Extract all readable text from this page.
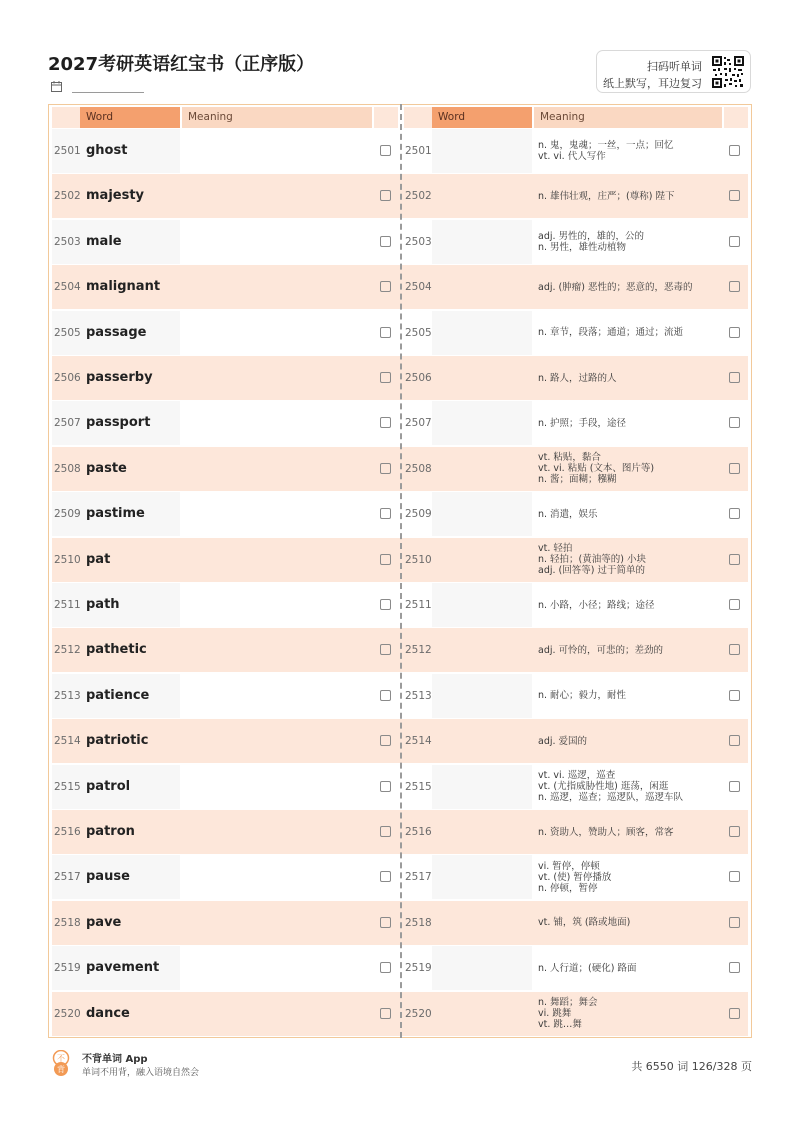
2027考研英语红宝书（正序版）	扫码听单词
纸上默写，耳边复习
Word	Meaning	Word	Meaning
2501 ghost	2501	n. 鬼，鬼魂；一丝，一点；回忆
vt. vi. 代人写作
2502 majesty	2502	n. 雄伟壮观，庄严；(尊称) 陛下
2503 male	2503	adj. 男性的，雄的，公的
n. 男性，雄性动植物
2504 malignant	2504	adj. (肿瘤) 恶性的；恶意的，恶毒的
2505 passage	2505	n. 章节，段落；通道；通过；流逝
2506 passerby	2506	n. 路人，过路的人
2507 passport	2507	n. 护照；手段，途径
2508 paste	2508
vt. 粘贴，黏合
vt. vi. 粘贴 (文本、图片等)
n. 酱；面糊；糨糊
2509 pastime	2509	n. 消遣，娱乐
2510 pat	2510
vt. 轻拍
n. 轻拍；(黄油等的) 小块
adj. (回答等) 过于简单的
2511 path	2511	n. 小路，小径；路线；途径
2512 pathetic	2512	adj. 可怜的，可悲的；差劲的
2513 patience	2513	n. 耐心；毅力，耐性
2514 patriotic	2514	adj. 爱国的
2515 patrol	2515
vt. vi. 巡逻，巡查
vt. (尤指威胁性地) 逛荡，闲逛
n. 巡逻，巡查；巡逻队，巡逻车队
2516 patron	2516	n. 资助人，赞助人；顾客，常客
2517 pause	2517
vi. 暂停，停顿
vt. (使) 暂停播放
n. 停顿，暂停
2518 pave	2518	vt. 铺，筑 (路或地面)
2519 pavement	2519	n. 人行道；(硬化) 路面
2520 dance	2520
n. 舞蹈；舞会
vi. 跳舞
vt. 跳…舞
不
背
不背单词 App
单词不用背，融入语境自然会	共 6550 词 126/328 页
